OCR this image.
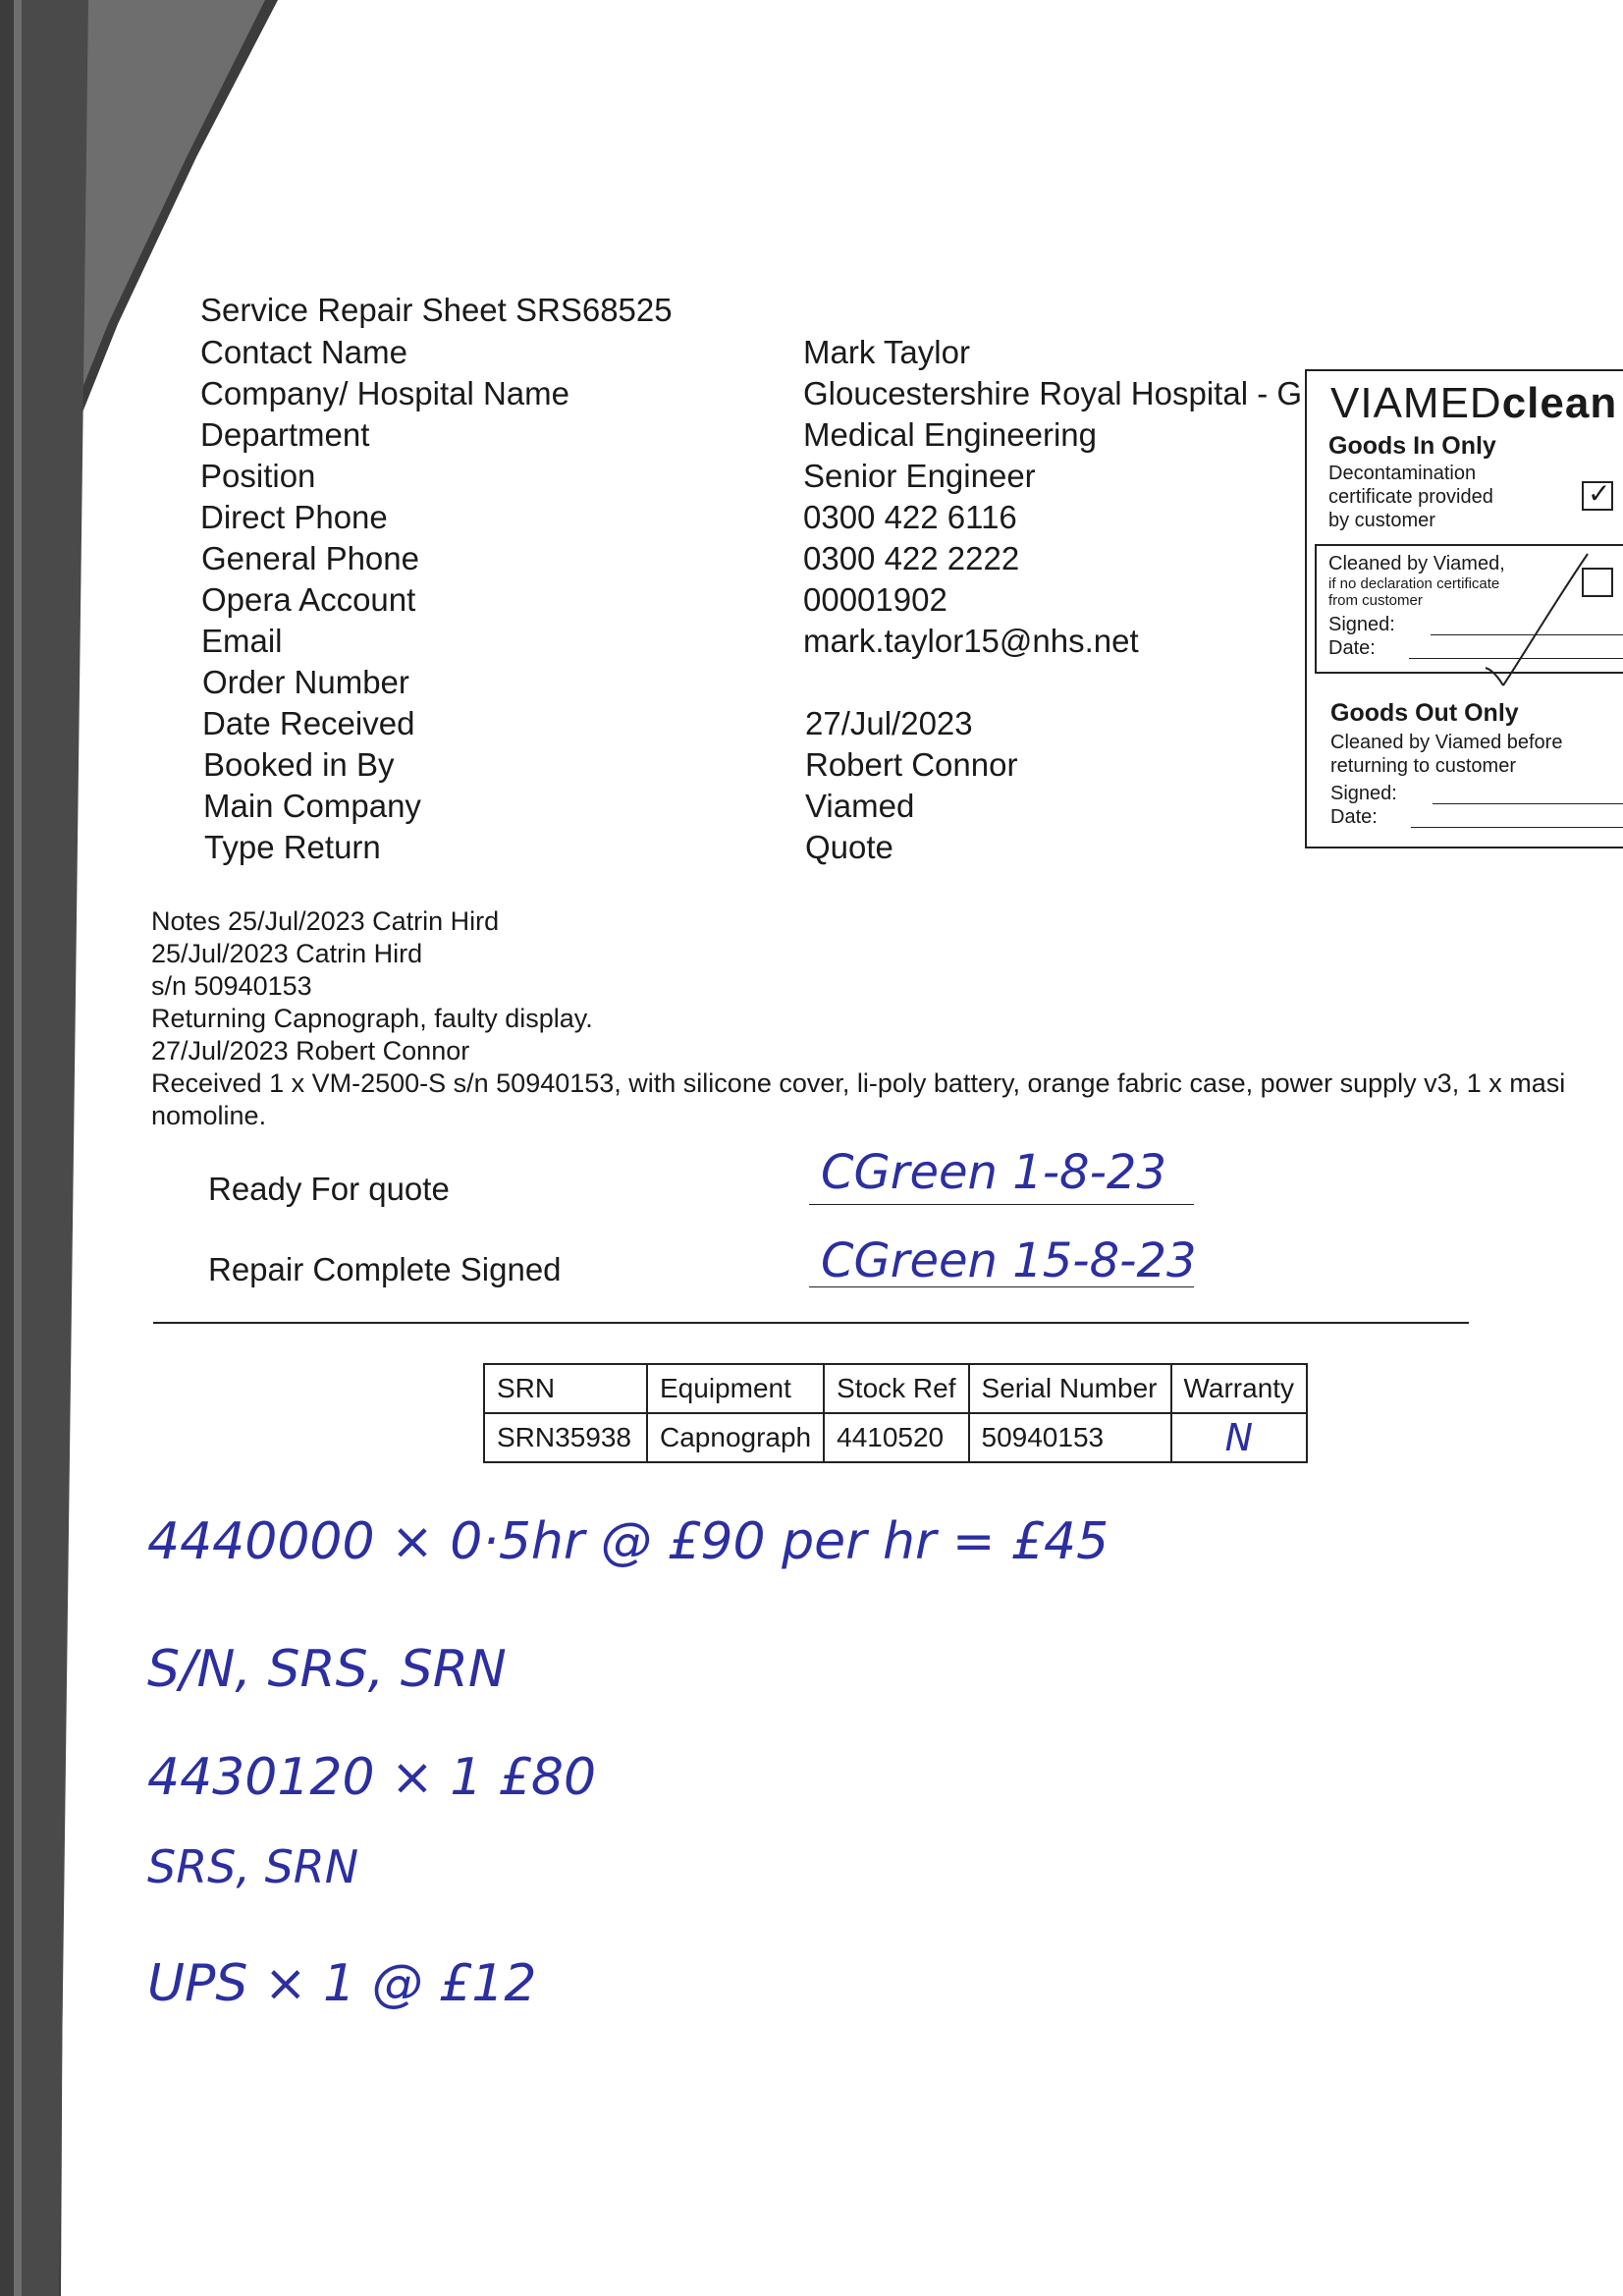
Service Repair Sheet SRS68525
Contact Name	Mark Taylor
Company/ Hospital Name	Gloucestershire Royal Hospital - G
Department	Medical Engineering
Position	Senior Engineer
Direct Phone	0300 422 6116
General Phone	0300 422 2222
Opera Account	00001902
Email	mark.taylor15@nhs.net
Order Number
Date Received	27/Jul/2023
Booked in By	Robert Connor
Main Company	Viamed
Type Return	Quote
VIAMEDclean
Goods In Only
Decontamination
certificate provided
by customer
✓
Cleaned by Viamed,
if no declaration certificate
from customer
Signed:
Date:
Goods Out Only
Cleaned by Viamed before
returning to customer
Signed:
Date:
Notes 25/Jul/2023 Catrin Hird
25/Jul/2023 Catrin Hird
s/n 50940153
Returning Capnograph, faulty display.
27/Jul/2023 Robert Connor
Received 1 x VM-2500-S s/n 50940153, with silicone cover, li-poly battery, orange fabric case, power supply v3, 1 x masi
nomoline.
Ready For quote	CGreen 1-8-23
Repair Complete Signed	CGreen 15-8-23
SRN	Equipment	Stock Ref	Serial Number	Warranty
SRN35938	Capnograph	4410520	50940153	N
4440000 × 0·5hr @ £90 per hr = £45
S/N, SRS, SRN
4430120 × 1 £80
SRS, SRN
UPS × 1 @ £12
